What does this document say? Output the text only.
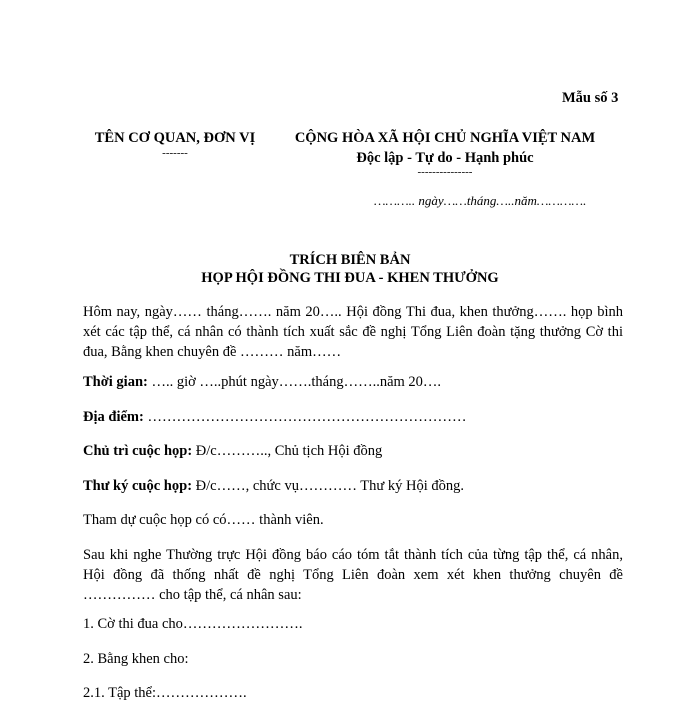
Mẫu số 3
TÊN CƠ QUAN, ĐƠN VỊ
-------
CỘNG HÒA XÃ HỘI CHỦ NGHĨA VIỆT NAM
Độc lập - Tự do - Hạnh phúc
---------------
……….. ngày……tháng…..năm………….
TRÍCH BIÊN BẢN
HỌP HỘI ĐỒNG THI ĐUA - KHEN THƯỞNG
Hôm nay, ngày…… tháng……. năm 20….. Hội đồng Thi đua, khen thưởng……. họp bình xét các tập thể, cá nhân có thành tích xuất sắc đề nghị Tổng Liên đoàn tặng thưởng Cờ thi đua, Bằng khen chuyên đề ……… năm……
Thời gian: ….. giờ …..phút ngày…….tháng……..năm 20….
Địa điểm: …………………………………………………………
Chủ trì cuộc họp: Đ/c……….., Chủ tịch Hội đồng
Thư ký cuộc họp: Đ/c……, chức vụ………… Thư ký Hội đồng.
Tham dự cuộc họp có có…… thành viên.
Sau khi nghe Thường trực Hội đồng báo cáo tóm tắt thành tích của từng tập thể, cá nhân, Hội đồng đã thống nhất đề nghị Tổng Liên đoàn xem xét khen thưởng chuyên đề …………… cho tập thể, cá nhân sau:
1. Cờ thi đua cho…………………….
2. Bằng khen cho:
2.1. Tập thể:……………….
